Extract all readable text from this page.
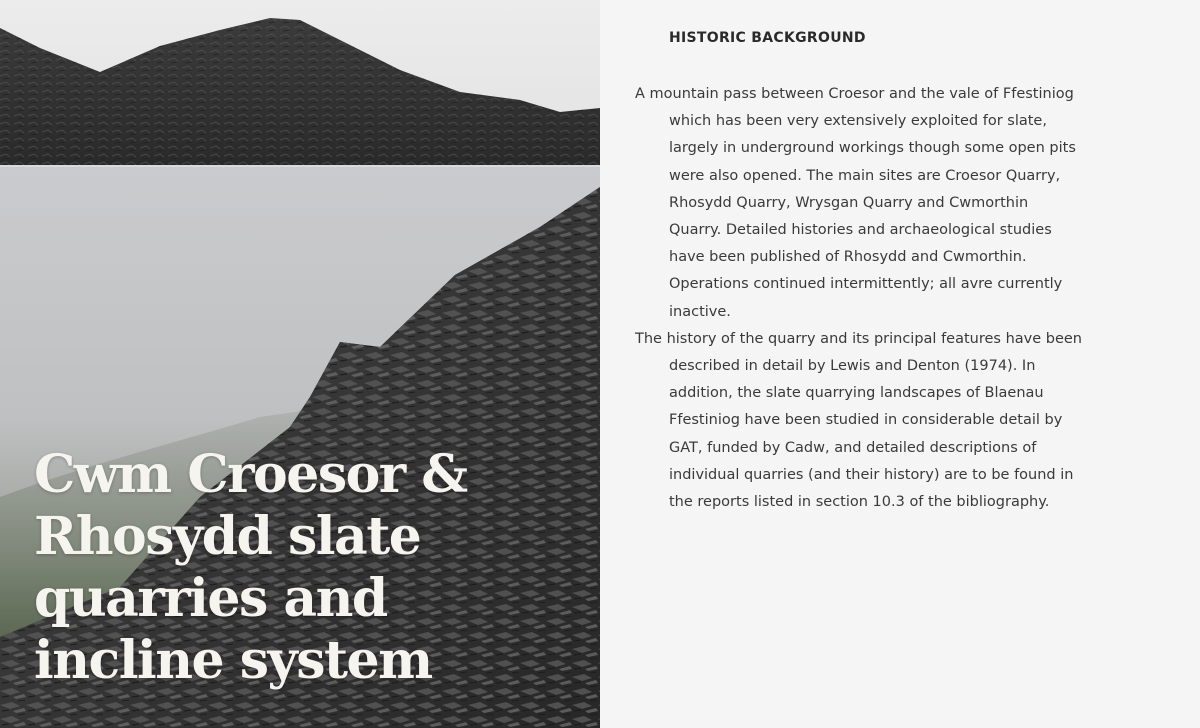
Cwm Croesor & Rhosydd slate quarries and incline system
HISTORIC BACKGROUND

A mountain pass between Croesor and the vale of Ffestiniog which has been very extensively exploited for slate, largely in underground workings though some open pits were also opened. The main sites are Croesor Quarry, Rhosydd Quarry, Wrysgan Quarry and Cwmorthin Quarry. Detailed histories and archaeological studies have been published of Rhosydd and Cwmorthin. Operations continued intermittently; all avre currently inactive.

The history of the quarry and its principal features have been described in detail by Lewis and Denton (1974). In addition, the slate quarrying landscapes of Blaenau Ffestiniog have been studied in considerable detail by GAT, funded by Cadw, and detailed descriptions of individual quarries (and their history) are to be found in the reports listed in section 10.3 of the bibliography.
